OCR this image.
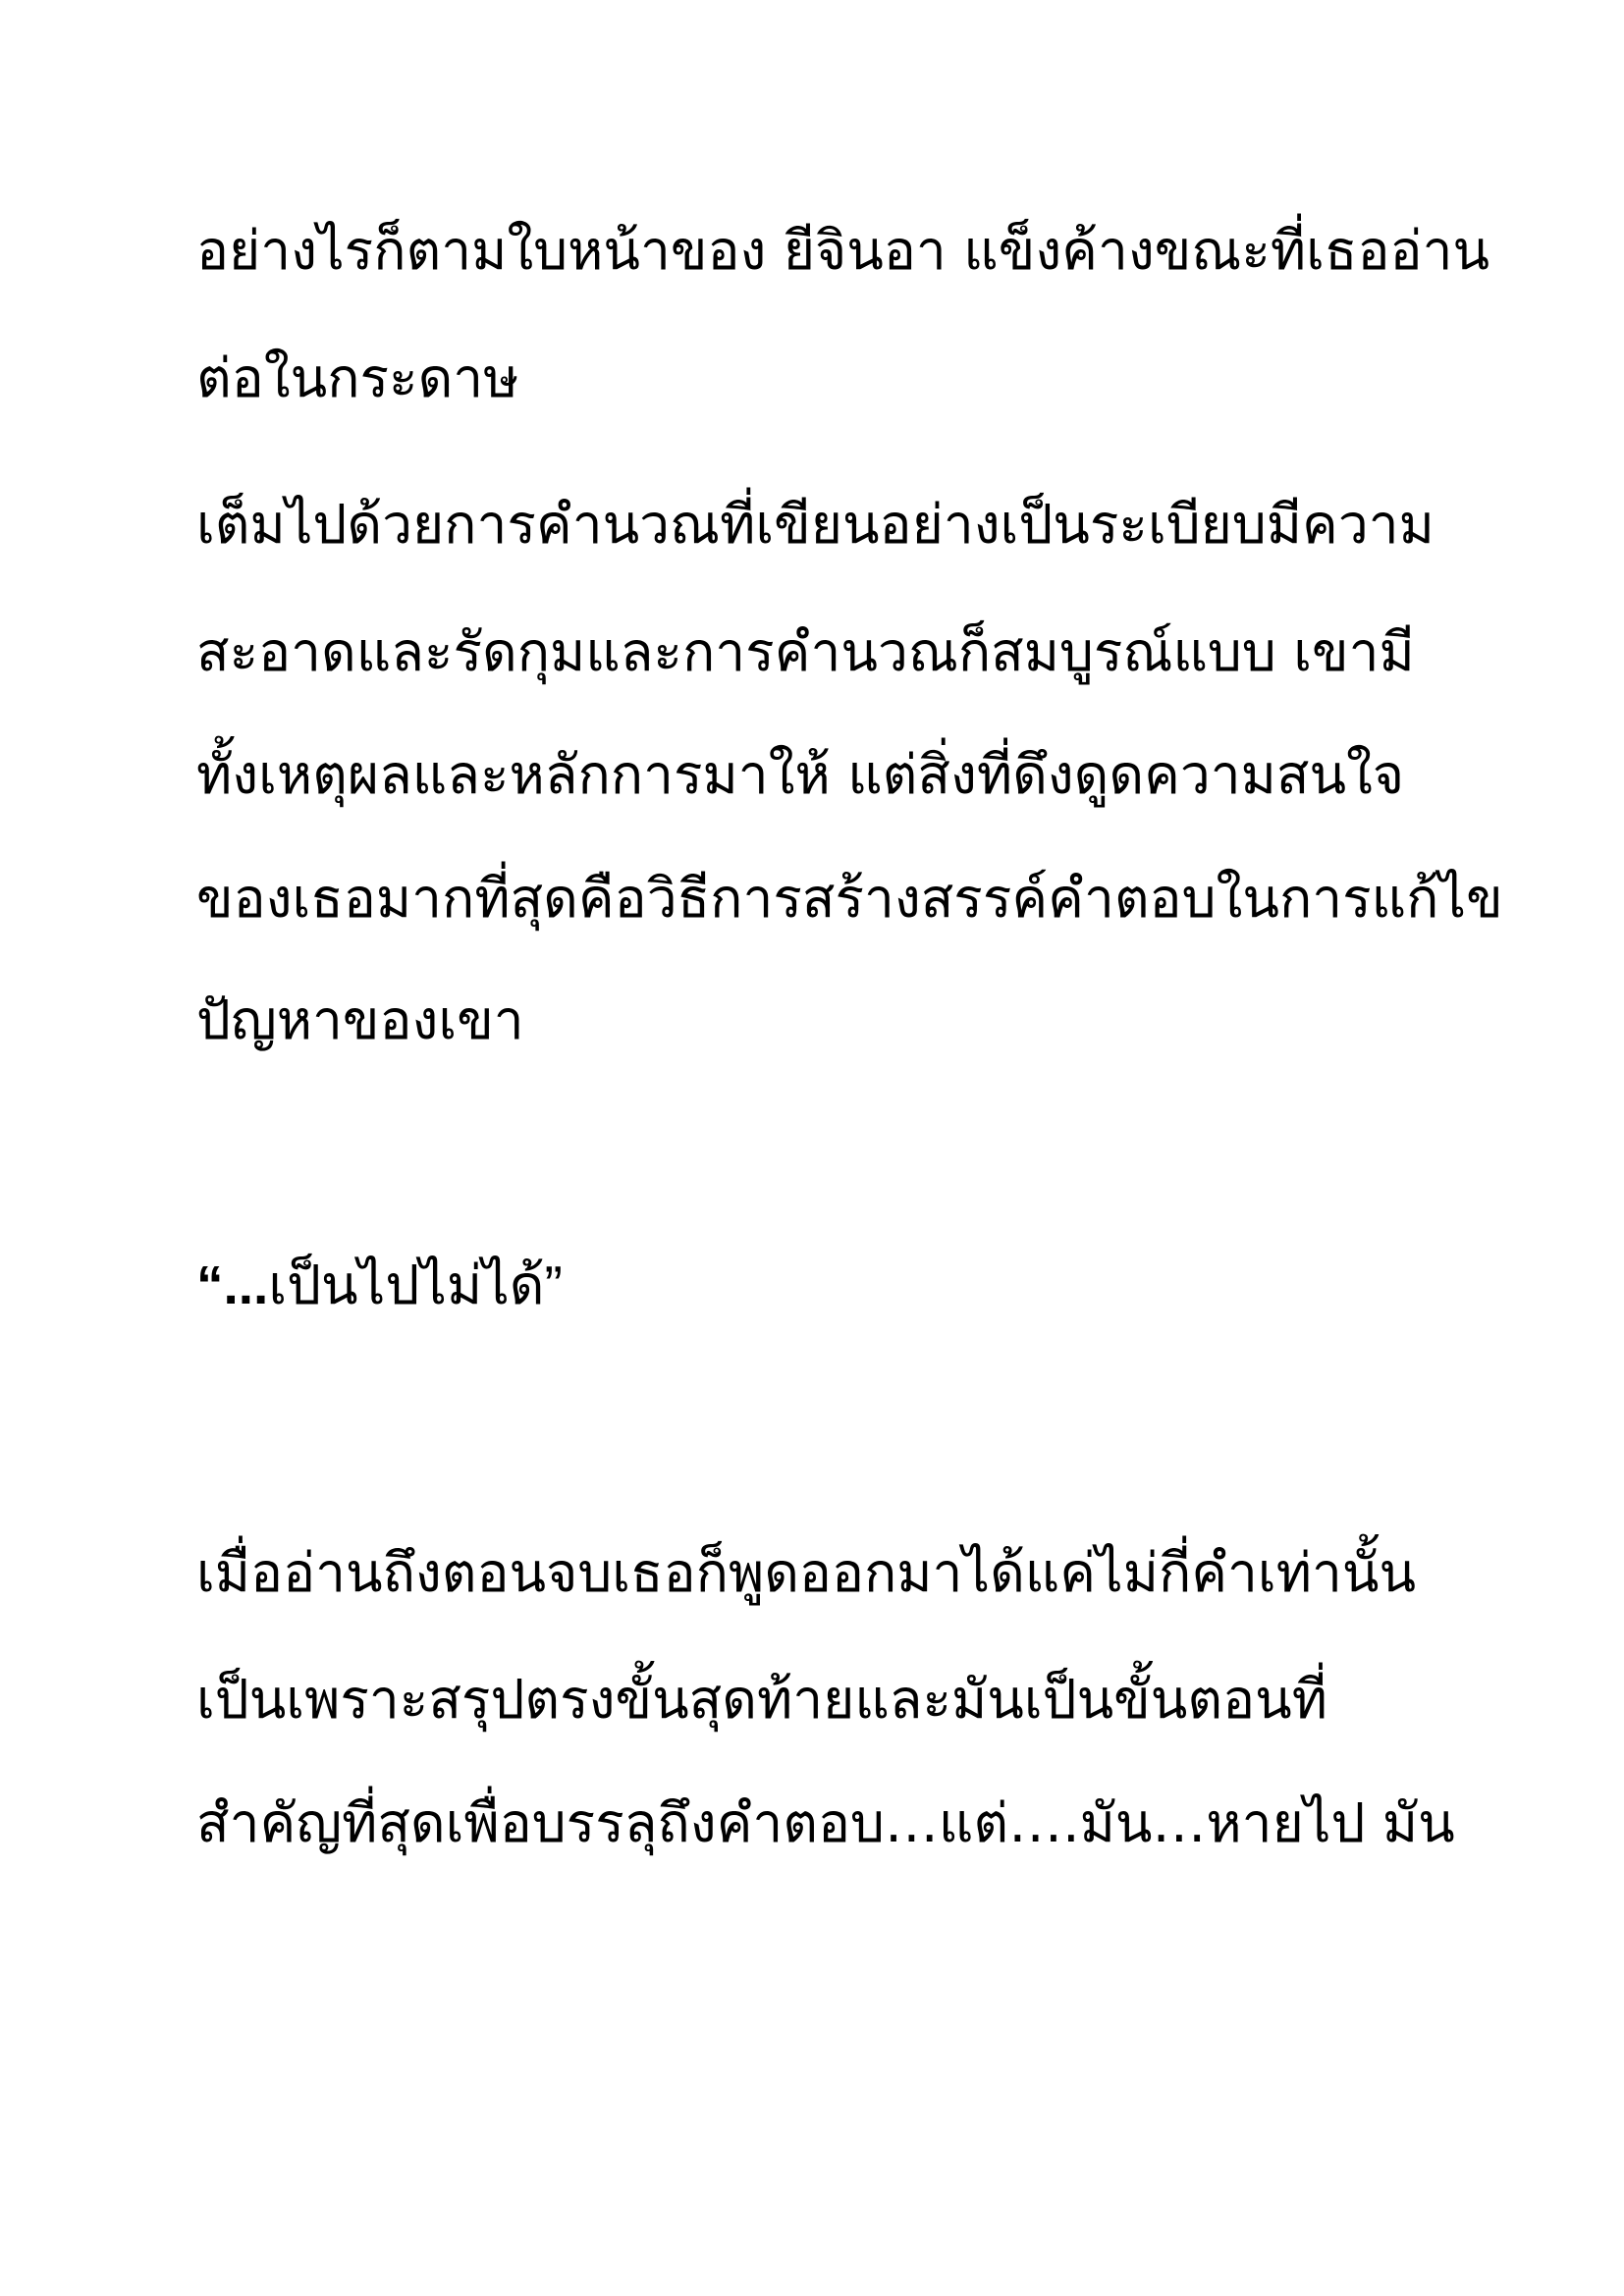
อย่างไรก็ตามใบหน้าของ ยีจินอา แข็งค้างขณะที่เธออ่าน
ต่อในกระดาษ
เต็มไปด้วยการคำนวณที่เขียนอย่างเป็นระเบียบมีความ
สะอาดและรัดกุมและการคำนวณก็สมบูรณ์แบบ เขามี
ทั้งเหตุผลและหลักการมาให้ แต่สิ่งที่ดึงดูดความสนใจ
ของเธอมากที่สุดคือวิธีการสร้างสรรค์คำตอบในการแก้ไข
ปัญหาของเขา
“...เป็นไปไม่ได้”
เมื่ออ่านถึงตอนจบเธอก็พูดออกมาได้แค่ไม่กี่คำเท่านั้น
เป็นเพราะสรุปตรงขั้นสุดท้ายและมันเป็นขั้นตอนที่
สำคัญที่สุดเพื่อบรรลุถึงคำตอบ…แต่….มัน…หายไป มัน
